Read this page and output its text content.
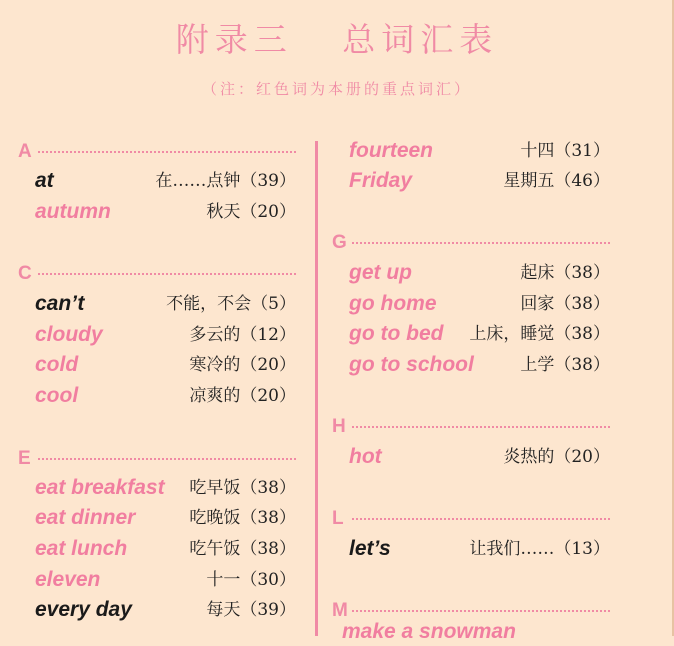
附录三   总词汇表
（注：红色词为本册的重点词汇）
A
at	在……点钟（39）
autumn	秋天（20）
C
can’t	不能，不会（5）
cloudy	多云的（12）
cold	寒冷的（20）
cool	凉爽的（20）
E
eat breakfast 吃早饭（38）
eat dinner	吃晚饭（38）
eat lunch	吃午饭（38）
eleven	十一（30）
every day	每天（39）
fourteen	十四（31）
Friday	星期五（46）
G
get up	起床（38）
go home	回家（38）
go to bed 上床，睡觉（38）
go to school	上学（38）
H
hot	炎热的（20）
L
let’s	让我们……（13）
M
make a snowman
